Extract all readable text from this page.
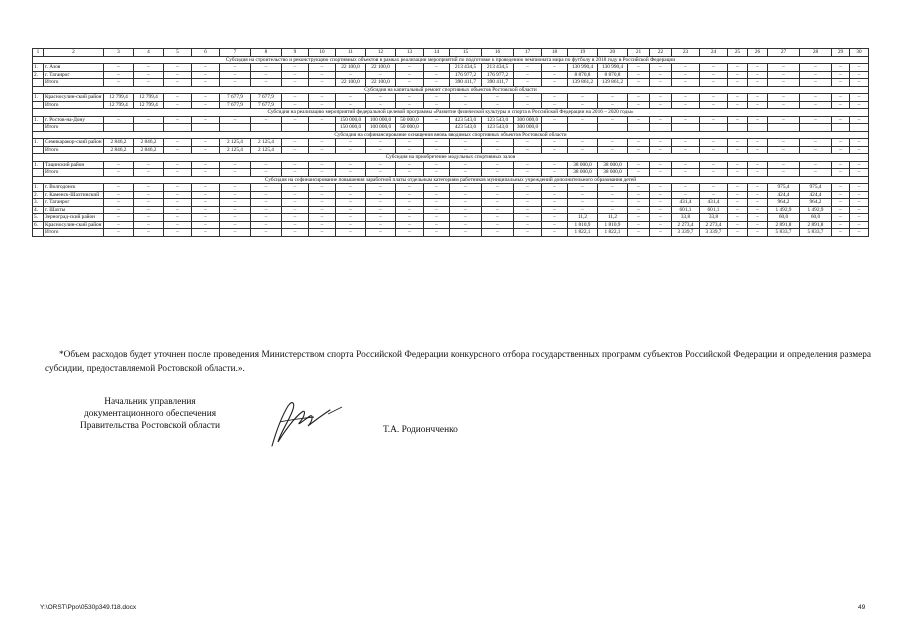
1	2	3	4	5	6	7	8	9	10	11	12	13	14	15	16	17	18	19	20	21	22	23	24	25	26	27	28	29	30
Субсидия на строительство и реконструкцию спортивных объектов в рамках реализации мероприятий по подготовке к проведению чемпионата мира по футболу в 2018 году в Российской Федерации																													
1.	г. Азов	–	–	–	–	–	–	–	–	22 100,0	22 100,0	–	–	213 434,5	213 434,5	–	–	130 990,4	130 990,4	–	–	–	–	–	–	–	–	–	–
2.	г. Таганрог	–	–	–	–	–	–	–	–	–	–	–	–	176 977,2	176 977,2	–	–	8 870,8	8 870,8	–	–	–	–	–	–	–	–	–	–
	Итого	–	–	–	–	–	–	–	–	22 100,0	22 100,0	–	–	390 411,7	390 411,7	–	–	139 861,2	139 861,2	–	–	–	–	–	–	–	–	–	–
Субсидия на капитальный ремонт спортивных объектов Ростовской области																													
1.	Красносулин-ский район	12 799,4	12 799,4	–	–	7 677,9	7 677,9	–	–	–	–	–	–	–	–	–	–	–	–	–	–	–	–	–	–	–	–	–	–
	Итого	12 799,4	12 799,4	–	–	7 677,9	7 677,9	–	–	–	–	–	–	–	–	–	–	–	–	–	–	–	–	–	–	–	–	–	–
Субсидия на реализацию мероприятий федеральной целевой программы «Развитие физической культуры и спорта в Российской Федерации на 2016 – 2020 годы»																													
1.	г. Ростов-на-Дону	–	–	–	–	–	–	–	–	150 000,0	100 000,0	50 000,0	–	423 543,0	123 543,0	300 000,0	–	–	–	–	–	–	–	–	–	–	–	–	–
	Итого									150 000,0	100 000,0	50 000,0		423 543,0	123 543,0	300 000,0													
Субсидия на софинансирование оснащения вновь вводимых спортивных объектов Ростовской области																													
1.	Семикаракор-ский район	2 846,2	2 846,2	–	–	2 125,4	2 125,4	–	–	–	–	–	–	–	–	–	–	–	–	–	–	–	–	–	–	–	–	–	–
	Итого	2 846,2	2 846,2	–	–	2 125,4	2 125,4	–	–	–	–	–	–	–	–	–	–	–	–	–	–	–	–	–	–	–	–	–	–
Субсидия на приобретение модульных спортивных залов																													
1.	Тацинский район	–	–	–	–	–	–	–	–	–	–	–	–	–	–	–	–	38 000,0	38 000,0	–	–	–	–	–	–	–	–	–	–
	Итого	–	–	–	–	–	–	–	–	–	–	–	–	–	–	–	–	38 000,0	38 000,0	–	–	–	–	–	–	–	–	–	–
Субсидия на софинансирование повышения заработной платы отдельным категориям работников муниципальных учреждений дополнительного образования детей																													
1.	г. Волгодонск	–	–	–	–	–	–	–	–	–	–	–	–	–	–	–	–	–	–	–	–	–	–	–	–	975,4	975,4	–	–
2.	г. Каменск-Шахтинский	–	–	–	–	–	–	–	–	–	–	–	–	–	–	–	–	–	–	–	–	–	–	–	–	424,4	424,4	–	–
3.	г. Таганрог	–	–	–	–	–	–	–	–	–	–	–	–	–	–	–	–	–	–	–	–	431,4	431,4	–	–	964,2	964,2	–	–
4.	г. Шахты	–	–	–	–	–	–	–	–	–	–	–	–	–	–	–	–	–	–	–	–	601,1	601,1	–	–	1 492,9	1 492,9	–	–
5.	Зерноград-ский район	–	–	–	–	–	–	–	–	–	–	–	–	–	–	–	–	11,2	11,2	–	–	33,8	33,8	–	–	60,0	60,0	–	–
6.	Красносулин-ский район	–	–	–	–	–	–	–	–	–	–	–	–	–	–	–	–	1 810,9	1 810,9	–	–	2 273,4	2 273,4	–	–	2 891,8	2 891,8	–	–
	Итого	–	–	–	–	–	–	–	–	–	–	–	–	–	–	–	–	1 822,1	1 822,1	–	–	3 339,7	3 339,7	–	–	5 833,7	5 833,7	–	–

*Объем расходов будет уточнен после проведения Министерством спорта Российской Федерации конкурсного отбора государственных программ субъектов Российской Федерации и определения размера субсидии, предоставляемой Ростовской области.».

Начальник управления
документационного обеспечения
Правительства Ростовской области	Т.А. Родиончченко
Y:\ORST\Ppo\0530p349.f18.docx	49
